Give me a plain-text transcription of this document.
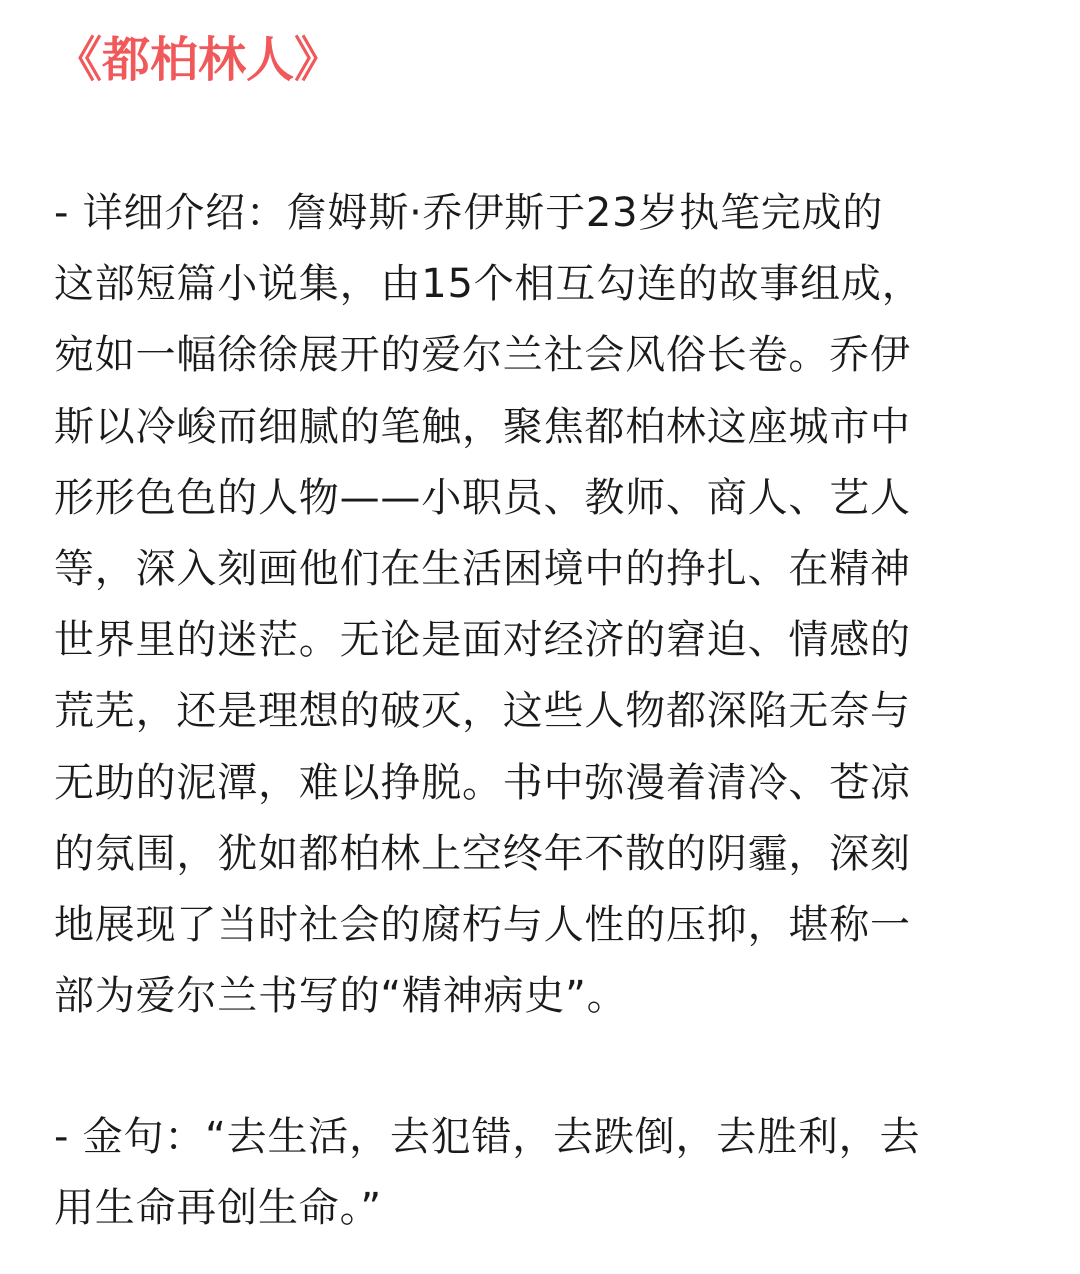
《都柏林人》
- 详细介绍：詹姆斯·乔伊斯于23岁执笔完成的
这部短篇小说集，由15个相互勾连的故事组成，
宛如一幅徐徐展开的爱尔兰社会风俗长卷。乔伊
斯以冷峻而细腻的笔触，聚焦都柏林这座城市中
形形色色的人物——小职员、教师、商人、艺人
等，深入刻画他们在生活困境中的挣扎、在精神
世界里的迷茫。无论是面对经济的窘迫、情感的
荒芜，还是理想的破灭，这些人物都深陷无奈与
无助的泥潭，难以挣脱。书中弥漫着清冷、苍凉
的氛围，犹如都柏林上空终年不散的阴霾，深刻
地展现了当时社会的腐朽与人性的压抑，堪称一
部为爱尔兰书写的“精神病史”。
- 金句：“去生活，去犯错，去跌倒，去胜利，去
用生命再创生命。”
